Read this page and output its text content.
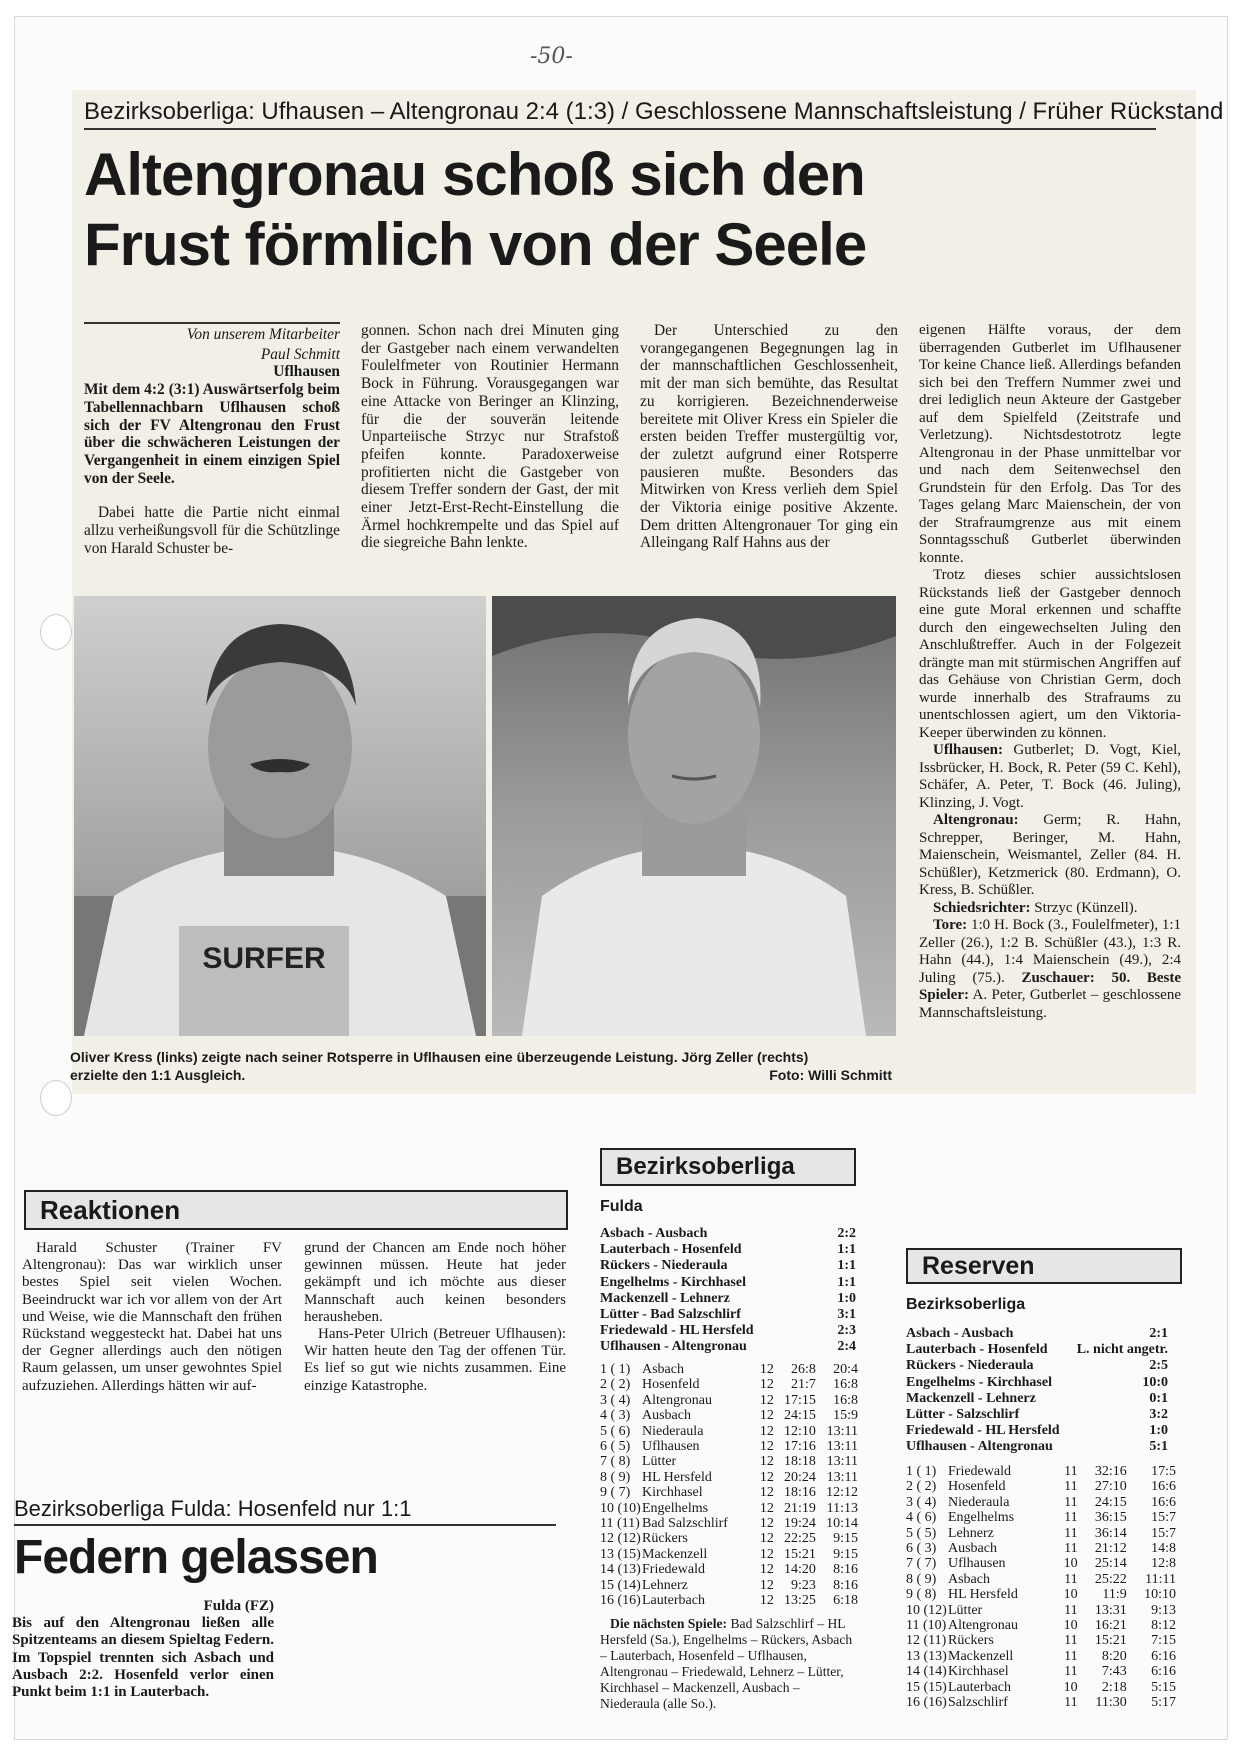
-50-
Bezirksoberliga: Ufhausen – Altengronau 2:4 (1:3) / Geschlossene Mannschaftsleistung / Früher Rückstand
Altengronau schoß sich den
Frust förmlich von der Seele

Von unserem Mitarbeiter

Paul Schmitt

Uflhausen

Mit dem 4:2 (3:1) Auswärtserfolg beim Tabellennachbarn Uflhausen schoß sich der FV Altengronau den Frust über die schwächeren Leistungen der Vergangenheit in einem einzigen Spiel von der Seele.

Dabei hatte die Partie nicht einmal allzu verheißungsvoll für die Schützlinge von Harald Schuster be-

gonnen. Schon nach drei Minuten ging der Gastgeber nach einem verwandelten Foulelfmeter von Routinier Hermann Bock in Führung. Vorausgegangen war eine Attacke von Beringer an Klinzing, für die der souverän leitende Unparteiische Strzyc nur Strafstoß pfeifen konnte. Paradoxerweise profitierten nicht die Gastgeber von diesem Treffer sondern der Gast, der mit einer Jetzt-Erst-Recht-Einstellung die Ärmel hochkrempelte und das Spiel auf die siegreiche Bahn lenkte.

Der Unterschied zu den vorangegangenen Begegnungen lag in der mannschaftlichen Geschlossenheit, mit der man sich bemühte, das Resultat zu korrigieren. Bezeichnenderweise bereitete mit Oliver Kress ein Spieler die ersten beiden Treffer mustergültig vor, der zuletzt aufgrund einer Rotsperre pausieren mußte. Besonders das Mitwirken von Kress verlieh dem Spiel der Viktoria einige positive Akzente. Dem dritten Altengronauer Tor ging ein Alleingang Ralf Hahns aus der

eigenen Hälfte voraus, der dem überragenden Gutberlet im Uflhausener Tor keine Chance ließ. Allerdings befanden sich bei den Treffern Nummer zwei und drei lediglich neun Akteure der Gastgeber auf dem Spielfeld (Zeitstrafe und Verletzung). Nichtsdestotrotz legte Altengronau in der Phase unmittelbar vor und nach dem Seitenwechsel den Grundstein für den Erfolg. Das Tor des Tages gelang Marc Maienschein, der von der Strafraumgrenze aus mit einem Sonntagsschuß Gutberlet überwinden konnte.

Trotz dieses schier aussichtslosen Rückstands ließ der Gastgeber dennoch eine gute Moral erkennen und schaffte durch den eingewechselten Juling den Anschlußtreffer. Auch in der Folgezeit drängte man mit stürmischen Angriffen auf das Gehäuse von Christian Germ, doch wurde innerhalb des Strafraums zu unentschlossen agiert, um den Viktoria-Keeper überwinden zu können.

Uflhausen: Gutberlet; D. Vogt, Kiel, Issbrücker, H. Bock, R. Peter (59 C. Kehl), Schäfer, A. Peter, T. Bock (46. Juling), Klinzing, J. Vogt.

Altengronau: Germ; R. Hahn, Schrepper, Beringer, M. Hahn, Maienschein, Weismantel, Zeller (84. H. Schüßler), Ketzmerick (80. Erdmann), O. Kress, B. Schüßler.

Schiedsrichter: Strzyc (Künzell).

Tore: 1:0 H. Bock (3., Foulelfmeter), 1:1 Zeller (26.), 1:2 B. Schüßler (43.), 1:3 R. Hahn (44.), 1:4 Maienschein (49.), 2:4 Juling (75.). Zuschauer: 50. Beste Spieler: A. Peter, Gutberlet – geschlossene Mannschaftsleistung.

SURFER
Oliver Kress (links) zeigte nach seiner Rotsperre in Uflhausen eine überzeugende Leistung. Jörg Zeller (rechts)
erzielte den 1:1 Ausgleich.	Foto: Willi Schmitt
Reaktionen

Harald Schuster (Trainer FV Altengronau): Das war wirklich unser bestes Spiel seit vielen Wochen. Beeindruckt war ich vor allem von der Art und Weise, wie die Mannschaft den frühen Rückstand weggesteckt hat. Dabei hat uns der Gegner allerdings auch den nötigen Raum gelassen, um unser gewohntes Spiel aufzuziehen. Allerdings hätten wir auf-

grund der Chancen am Ende noch höher gewinnen müssen. Heute hat jeder gekämpft und ich möchte aus dieser Mannschaft auch keinen besonders herausheben.

Hans-Peter Ulrich (Betreuer Uflhausen): Wir hatten heute den Tag der offenen Tür. Es lief so gut wie nichts zusammen. Eine einzige Katastrophe.

Bezirksoberliga Fulda: Hosenfeld nur 1:1
Federn gelassen

Fulda (FZ)

Bis auf den Altengronau ließen alle Spitzenteams an diesem Spieltag Federn. Im Topspiel trennten sich Asbach und Ausbach 2:2. Hosenfeld verlor einen Punkt beim 1:1 in Lauterbach.

Bezirksoberliga
Fulda
Asbach - Ausbach	2:2
Lauterbach - Hosenfeld	1:1
Rückers - Niederaula	1:1
Engelhelms - Kirchhasel	1:1
Mackenzell - Lehnerz	1:0
Lütter - Bad Salzschlirf	3:1
Friedewald - HL Hersfeld	2:3
Uflhausen - Altengronau	2:4
1 ( 1)	Asbach	12	26:8	20:4
2 ( 2)	Hosenfeld	12	21:7	16:8
3 ( 4)	Altengronau	12	17:15	16:8
4 ( 3)	Ausbach	12	24:15	15:9
5 ( 6)	Niederaula	12	12:10	13:11
6 ( 5)	Uflhausen	12	17:16	13:11
7 ( 8)	Lütter	12	18:18	13:11
8 ( 9)	HL Hersfeld	12	20:24	13:11
9 ( 7)	Kirchhasel	12	18:16	12:12
10 (10)	Engelhelms	12	21:19	11:13
11 (11)	Bad Salzschlirf	12	19:24	10:14
12 (12)	Rückers	12	22:25	9:15
13 (15)	Mackenzell	12	15:21	9:15
14 (13)	Friedewald	12	14:20	8:16
15 (14)	Lehnerz	12	9:23	8:16
16 (16)	Lauterbach	12	13:25	6:18

Die nächsten Spiele: Bad Salzschlirf – HL Hersfeld (Sa.), Engelhelms – Rückers, Asbach – Lauterbach, Hosenfeld – Uflhausen, Altengronau – Friedewald, Lehnerz – Lütter, Kirchhasel – Mackenzell, Ausbach – Niederaula (alle So.).

Reserven
Bezirksoberliga
Asbach - Ausbach	2:1
Lauterbach - Hosenfeld L. nicht angetr.
Rückers - Niederaula	2:5
Engelhelms - Kirchhasel	10:0
Mackenzell - Lehnerz	0:1
Lütter - Salzschlirf	3:2
Friedewald - HL Hersfeld	1:0
Uflhausen - Altengronau	5:1
1 ( 1)	Friedewald	11	32:16	17:5
2 ( 2)	Hosenfeld	11	27:10	16:6
3 ( 4)	Niederaula	11	24:15	16:6
4 ( 6)	Engelhelms	11	36:15	15:7
5 ( 5)	Lehnerz	11	36:14	15:7
6 ( 3)	Ausbach	11	21:12	14:8
7 ( 7)	Uflhausen	10	25:14	12:8
8 ( 9)	Asbach	11	25:22	11:11
9 ( 8)	HL Hersfeld	10	11:9	10:10
10 (12)	Lütter	11	13:31	9:13
11 (10)	Altengronau	10	16:21	8:12
12 (11)	Rückers	11	15:21	7:15
13 (13)	Mackenzell	11	8:20	6:16
14 (14)	Kirchhasel	11	7:43	6:16
15 (15)	Lauterbach	10	2:18	5:15
16 (16)	Salzschlirf	11	11:30	5:17
